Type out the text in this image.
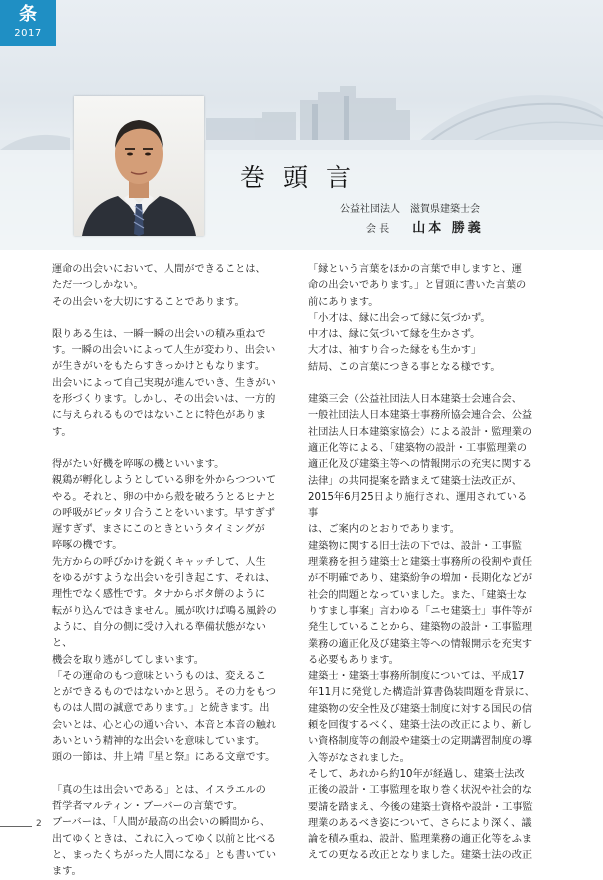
条
2017
巻頭言
公益社団法人　滋賀県建築士会
会 長 山本 勝義

運命の出会いにおいて、人間ができることは、

ただ一つしかない。

その出会いを大切にすることであります。

限りある生は、一瞬一瞬の出会いの積み重ねで

す。一瞬の出会いによって人生が変わり、出会い

が生きがいをもたらすきっかけともなります。

出会いによって自己実現が進んでいき、生きがい

を形づくります。しかし、その出会いは、一方的

に与えられるものではないことに特色があります。

得がたい好機を啐啄の機といいます。

親鶏が孵化しようとしている卵を外からつついて

やる。それと、卵の中から殻を破ろうとるヒナと

の呼吸がピッタリ合うことをいいます。早すぎず

遅すぎず、まさにこのときというタイミングが

啐啄の機です。

先方からの呼びかけを鋭くキャッチして、人生

をゆるがすような出会いを引き起こす、それは、

理性でなく感性です。タナからボタ餅のように

転がり込んではきません。風が吹けば鳴る風鈴の

ように、自分の側に受け入れる準備状態がないと、

機会を取り逃がしてしまいます。

「その運命のもつ意味というものは、変えるこ

とができるものではないかと思う。その力をもつ

ものは人間の誠意であります。」と続きます。出

会いとは、心と心の通い合い、本音と本音の触れ

あいという精神的な出会いを意味しています。

頭の一節は、井上靖『星と祭』にある文章です。

「真の生は出会いである」とは、イスラエルの

哲学者マルティン・ブーバーの言葉です。

ブーバーは、「人間が最高の出会いの瞬間から、

出てゆくときは、これに入ってゆく以前と比べる

と、まったくちがった人間になる」とも書いてい

ます。

「縁という言葉をほかの言葉で申しますと、運

命の出会いであります。」と冒頭に書いた言葉の

前にあります。

「小才は、縁に出会って縁に気づかず。

中才は、縁に気づいて縁を生かさず。

大才は、袖すり合った縁をも生かす」

結局、この言葉につきる事となる様です。

建築三会（公益社団法人日本建築士会連合会、

一般社団法人日本建築士事務所協会連合会、公益

社団法人日本建築家協会）による設計・監理業の

適正化等による、「建築物の設計・工事監理業の

適正化及び建築主等への情報開示の充実に関する

法律」の共同提案を踏まえて建築士法改正が、

2015年6月25日より施行され、運用されている事

は、ご案内のとおりであります。

建築物に関する旧士法の下では、設計・工事監

理業務を担う建築士と建築士事務所の役割や責任

が不明確であり、建築紛争の増加・長期化などが

社会的問題となっていました。また、「建築士な

りすまし事案」言わゆる「ニセ建築士」事件等が

発生していることから、建築物の設計・工事監理

業務の適正化及び建築主等への情報開示を充実す

る必要もあります。

建築士・建築士事務所制度については、平成17

年11月に発覚した構造計算書偽装問題を背景に、

建築物の安全性及び建築士制度に対する国民の信

頼を回復するべく、建築士法の改正により、新し

い資格制度等の創設や建築士の定期講習制度の導

入等がなされました。

そして、あれから約10年が経過し、建築士法改

正後の設計・工事監理を取り巻く状況や社会的な

要請を踏まえ、今後の建築士資格や設計・工事監

理業のあるべき姿について、さらにより深く、議

論を積み重ね、設計、監理業務の適正化等をふま

えての更なる改正となりました。建築士法の改正

2
